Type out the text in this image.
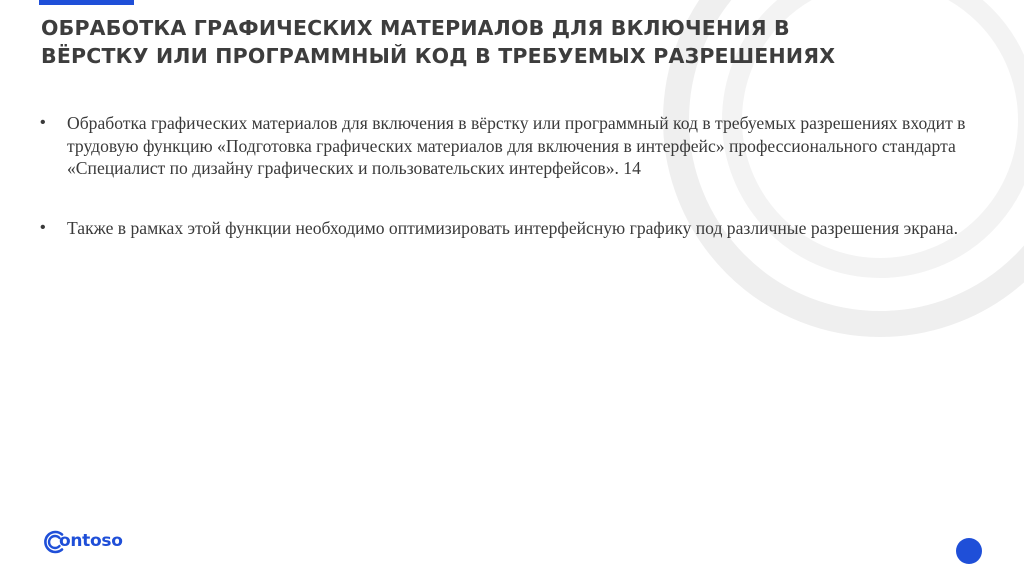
ОБРАБОТКА ГРАФИЧЕСКИХ МАТЕРИАЛОВ ДЛЯ ВКЛЮЧЕНИЯ В
ВЁРСТКУ ИЛИ ПРОГРАММНЫЙ КОД В ТРЕБУЕМЫХ РАЗРЕШЕНИЯХ
• Обработка графических материалов для включения в вёрстку или программный код в требуемых разрешениях входит в трудовую функцию «Подготовка графических материалов для включения в интерфейс» профессионального стандарта «Специалист по дизайну графических и пользовательских интерфейсов». 14
• Также в рамках этой функции необходимо оптимизировать интерфейсную графику под различные разрешения экрана.
ontoso
